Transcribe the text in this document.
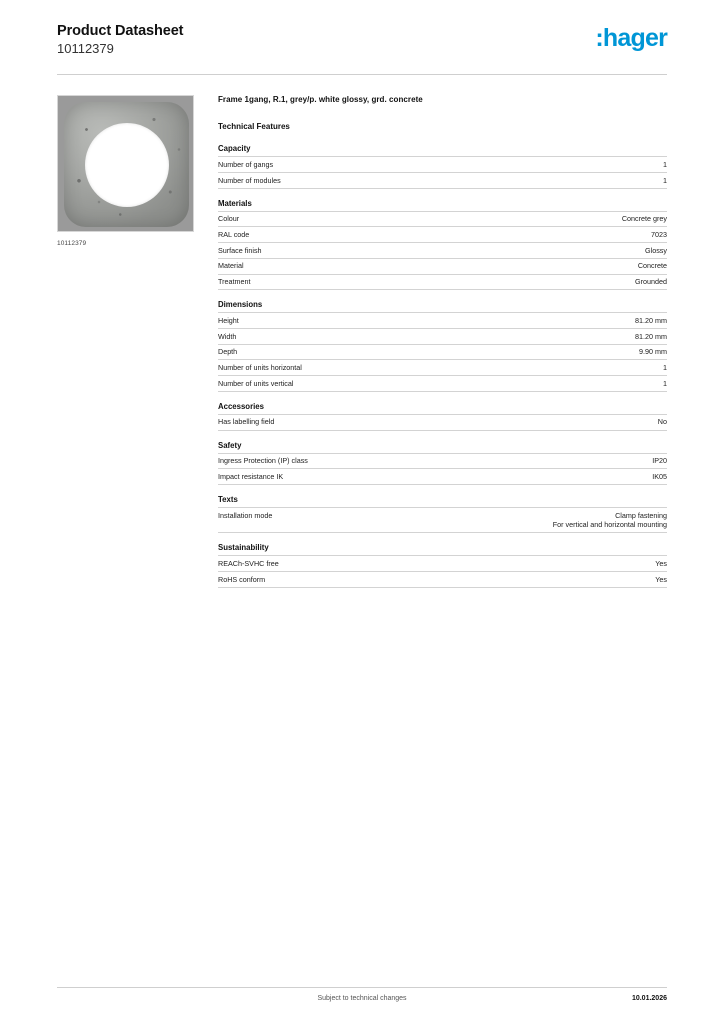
Product Datasheet
10112379	:hager
10112379
Frame 1gang, R.1, grey/p. white glossy, grd. concrete
Technical Features
Capacity
Number of gangs	1
Number of modules	1
Materials
Colour	Concrete grey
RAL code	7023
Surface finish	Glossy
Material	Concrete
Treatment	Grounded
Dimensions
Height	81.20 mm
Width	81.20 mm
Depth	9.90 mm
Number of units horizontal	1
Number of units vertical	1
Accessories
Has labelling field	No
Safety
Ingress Protection (IP) class	IP20
Impact resistance IK	IK05
Texts
Installation mode	Clamp fastening
For vertical and horizontal mounting
Sustainability
REACh-SVHC free	Yes
RoHS conform	Yes
Subject to technical changes	10.01.2026
